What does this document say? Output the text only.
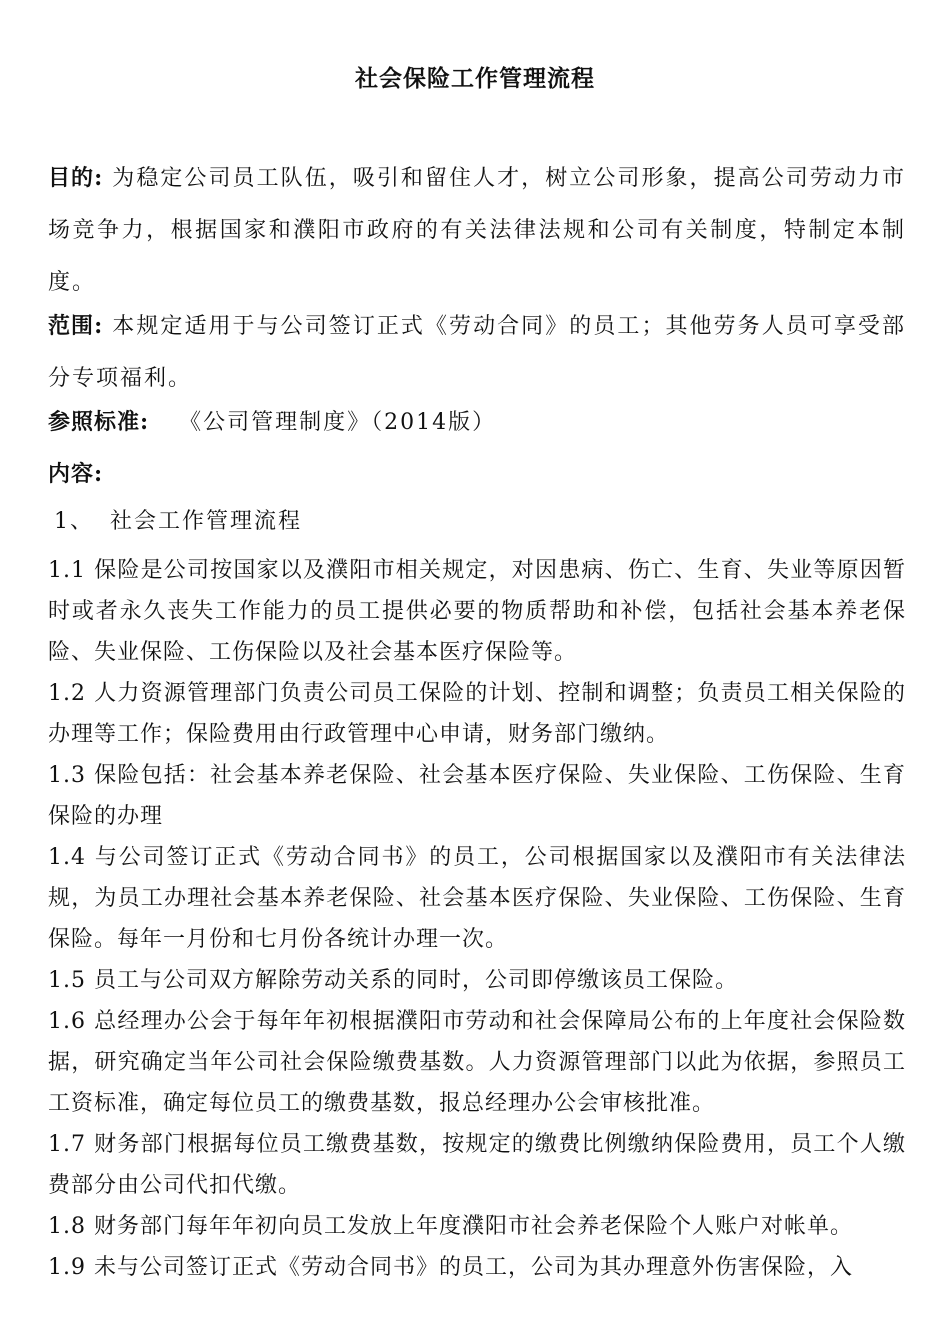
社会保险工作管理流程

目的: 为稳定公司员工队伍，吸引和留住人才，树立公司形象，提高公司劳动力市场竞争力，根据国家和濮阳市政府的有关法律法规和公司有关制度，特制定本制度。

范围: 本规定适用于与公司签订正式《劳动合同》的员工；其他劳务人员可享受部分专项福利。

参照标准: 《公司管理制度》（2014版）

内容:

1、 社会工作管理流程

1.1 保险是公司按国家以及濮阳市相关规定，对因患病、伤亡、生育、失业等原因暂时或者永久丧失工作能力的员工提供必要的物质帮助和补偿，包括社会基本养老保险、失业保险、工伤保险以及社会基本医疗保险等。

1.2 人力资源管理部门负责公司员工保险的计划、控制和调整；负责员工相关保险的办理等工作；保险费用由行政管理中心申请，财务部门缴纳。

1.3 保险包括：社会基本养老保险、社会基本医疗保险、失业保险、工伤保险、生育保险的办理

1.4 与公司签订正式《劳动合同书》的员工，公司根据国家以及濮阳市有关法律法规，为员工办理社会基本养老保险、社会基本医疗保险、失业保险、工伤保险、生育保险。每年一月份和七月份各统计办理一次。

1.5 员工与公司双方解除劳动关系的同时，公司即停缴该员工保险。

1.6 总经理办公会于每年年初根据濮阳市劳动和社会保障局公布的上年度社会保险数据，研究确定当年公司社会保险缴费基数。人力资源管理部门以此为依据，参照员工工资标准，确定每位员工的缴费基数，报总经理办公会审核批准。

1.7 财务部门根据每位员工缴费基数，按规定的缴费比例缴纳保险费用，员工个人缴费部分由公司代扣代缴。

1.8 财务部门每年年初向员工发放上年度濮阳市社会养老保险个人账户对帐单。

1.9 未与公司签订正式《劳动合同书》的员工，公司为其办理意外伤害保险，入
